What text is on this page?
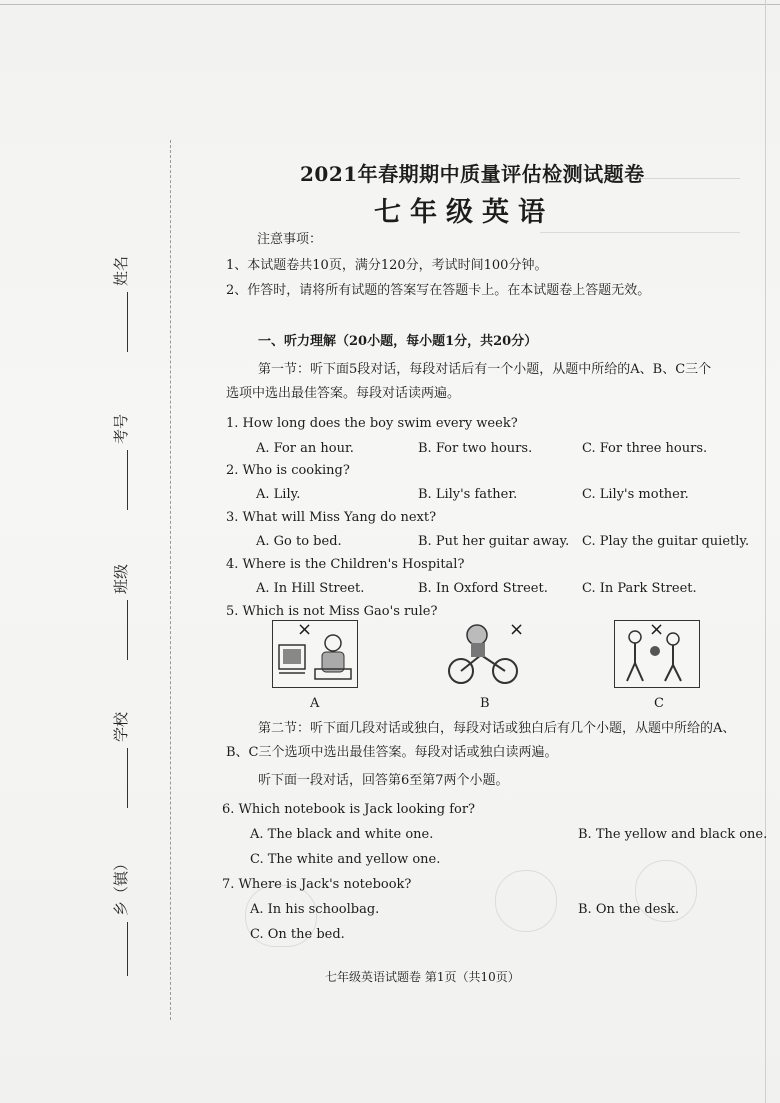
姓名
考号
班级
学校
乡（镇）
2021年春期期中质量评估检测试题卷
七年级英语
注意事项：
1、本试题卷共10页，满分120分，考试时间100分钟。
2、作答时，请将所有试题的答案写在答题卡上。在本试题卷上答题无效。
一、听力理解（20小题，每小题1分，共20分）
第一节：听下面5段对话，每段对话后有一个小题，从题中所给的A、B、C三个
选项中选出最佳答案。每段对话读两遍。
1. How long does the boy swim every week?
A. For an hour.	B. For two hours.	C. For three hours.
2. Who is cooking?
A. Lily.	B. Lily's father.	C. Lily's mother.
3. What will Miss Yang do next?
A. Go to bed.	B. Put her guitar away. C. Play the guitar quietly.
4. Where is the Children's Hospital?
A. In Hill Street.	B. In Oxford Street.	C. In Park Street.
5. Which is not Miss Gao's rule?
×
A
×
B
×
C
第二节：听下面几段对话或独白，每段对话或独白后有几个小题，从题中所给的A、
B、C三个选项中选出最佳答案。每段对话或独白读两遍。
听下面一段对话，回答第6至第7两个小题。
6. Which notebook is Jack looking for?
A. The black and white one.	B. The yellow and black one.
C. The white and yellow one.
7. Where is Jack's notebook?
A. In his schoolbag.	B. On the desk.
C. On the bed.
七年级英语试题卷 第1页（共10页）
